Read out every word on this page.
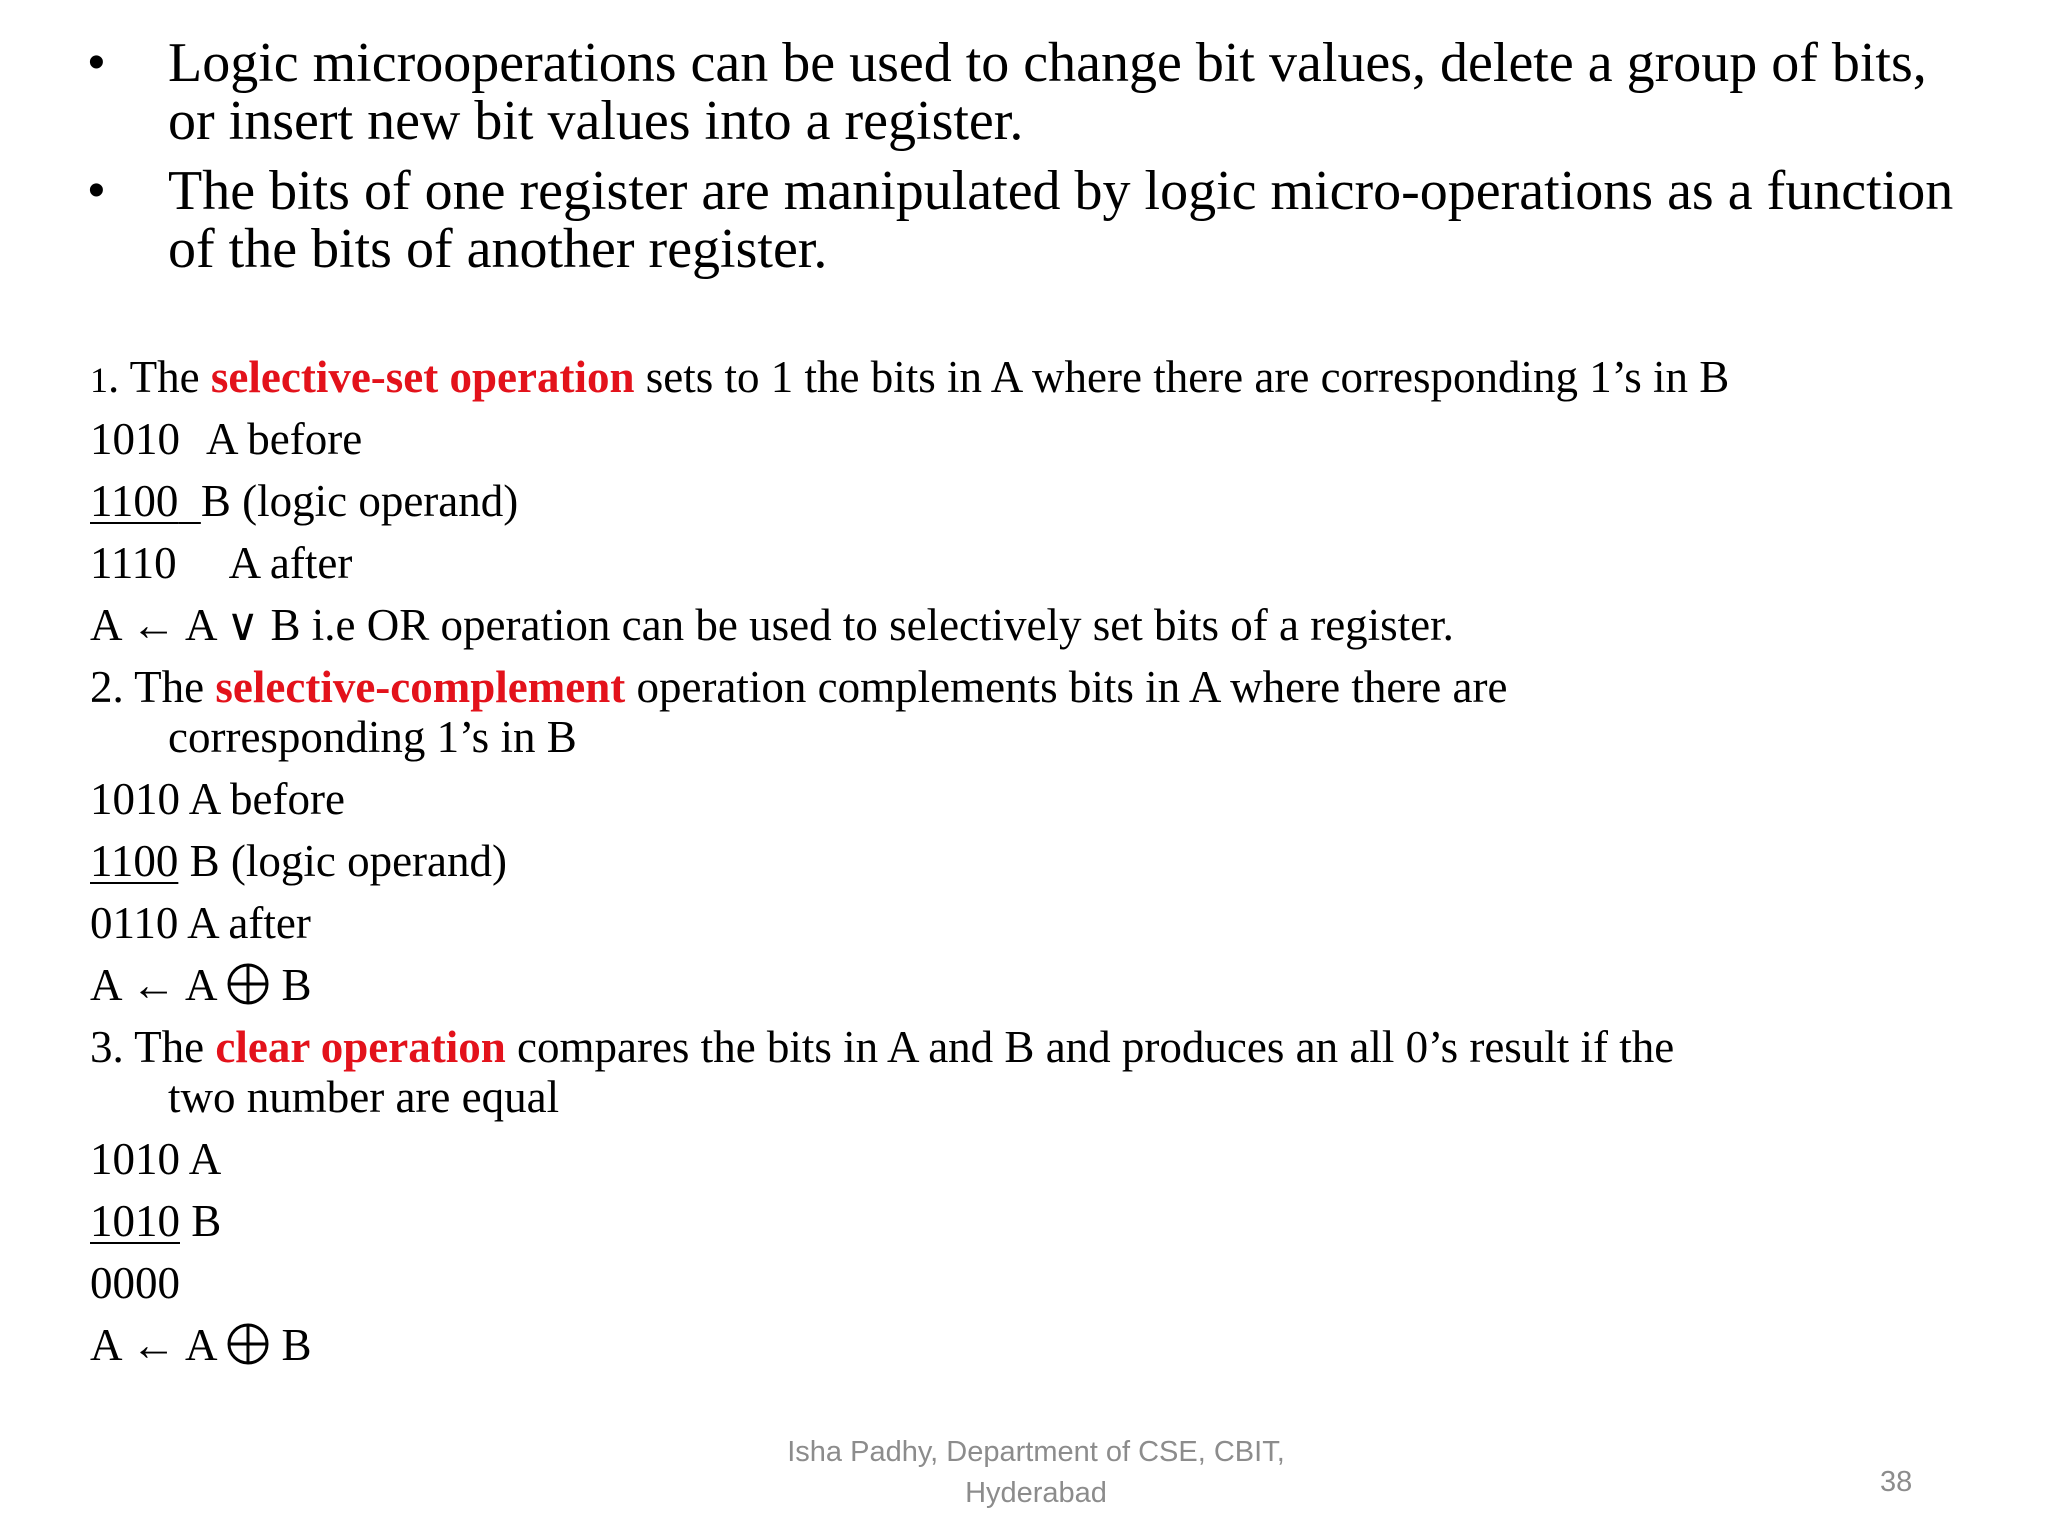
• Logic microoperations can be used to change bit values, delete a group of bits, or insert new bit values into a register.
• The bits of one register are manipulated by logic micro-operations as a function of the bits of another register.
1. The selective-set operation sets to 1 the bits in A where there are corresponding 1’s in B
1010 A before
1100 B (logic operand)
1110 A after
A ← A ∨ B i.e OR operation can be used to selectively set bits of a register.
2. The selective-complement operation complements bits in A where there are
corresponding 1’s in B
1010 A before
1100 B (logic operand)
0110 A after
A ← A B
3. The clear operation compares the bits in A and B and produces an all 0’s result if the
two number are equal
1010 A
1010 B
0000
A ← A B
Isha Padhy, Department of CSE, CBIT,
Hyderabad	38
